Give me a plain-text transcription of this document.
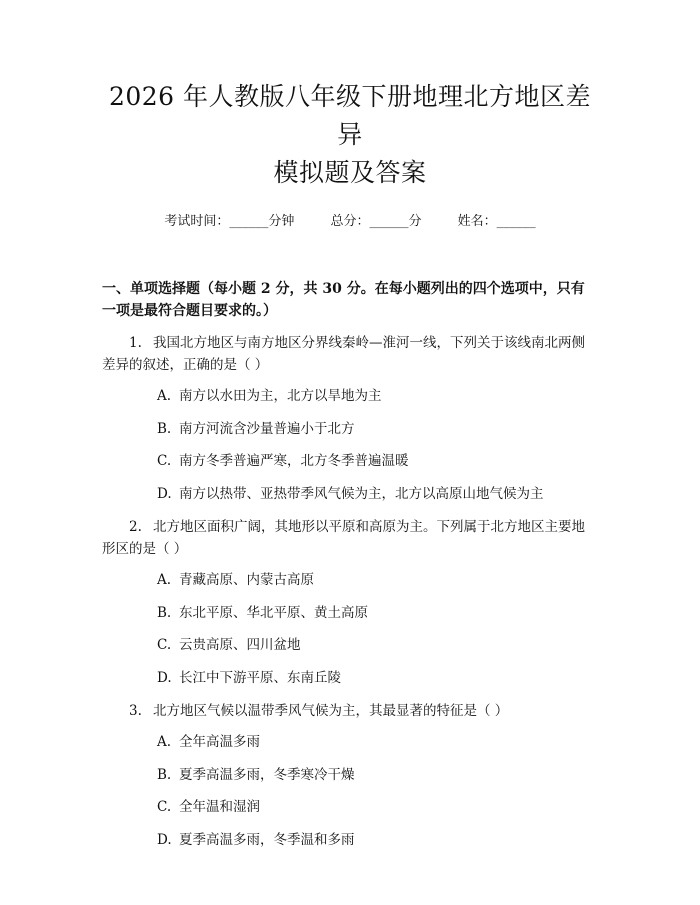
2026 年人教版八年级下册地理北方地区差异
模拟题及答案
考试时间：______分钟	总分：______分	姓名：______
一、单项选择题（每小题 2 分，共 30 分。在每小题列出的四个选项中，只有一项是最符合题目要求的。）
1. 我国北方地区与南方地区分界线秦岭—淮河一线，下列关于该线南北两侧差异的叙述，正确的是（ ）
A. 南方以水田为主，北方以旱地为主
B. 南方河流含沙量普遍小于北方
C. 南方冬季普遍严寒，北方冬季普遍温暖
D. 南方以热带、亚热带季风气候为主，北方以高原山地气候为主
2. 北方地区面积广阔，其地形以平原和高原为主。下列属于北方地区主要地形区的是（ ）
A. 青藏高原、内蒙古高原
B. 东北平原、华北平原、黄土高原
C. 云贵高原、四川盆地
D. 长江中下游平原、东南丘陵
3. 北方地区气候以温带季风气候为主，其最显著的特征是（ ）
A. 全年高温多雨
B. 夏季高温多雨，冬季寒冷干燥
C. 全年温和湿润
D. 夏季高温多雨，冬季温和多雨
